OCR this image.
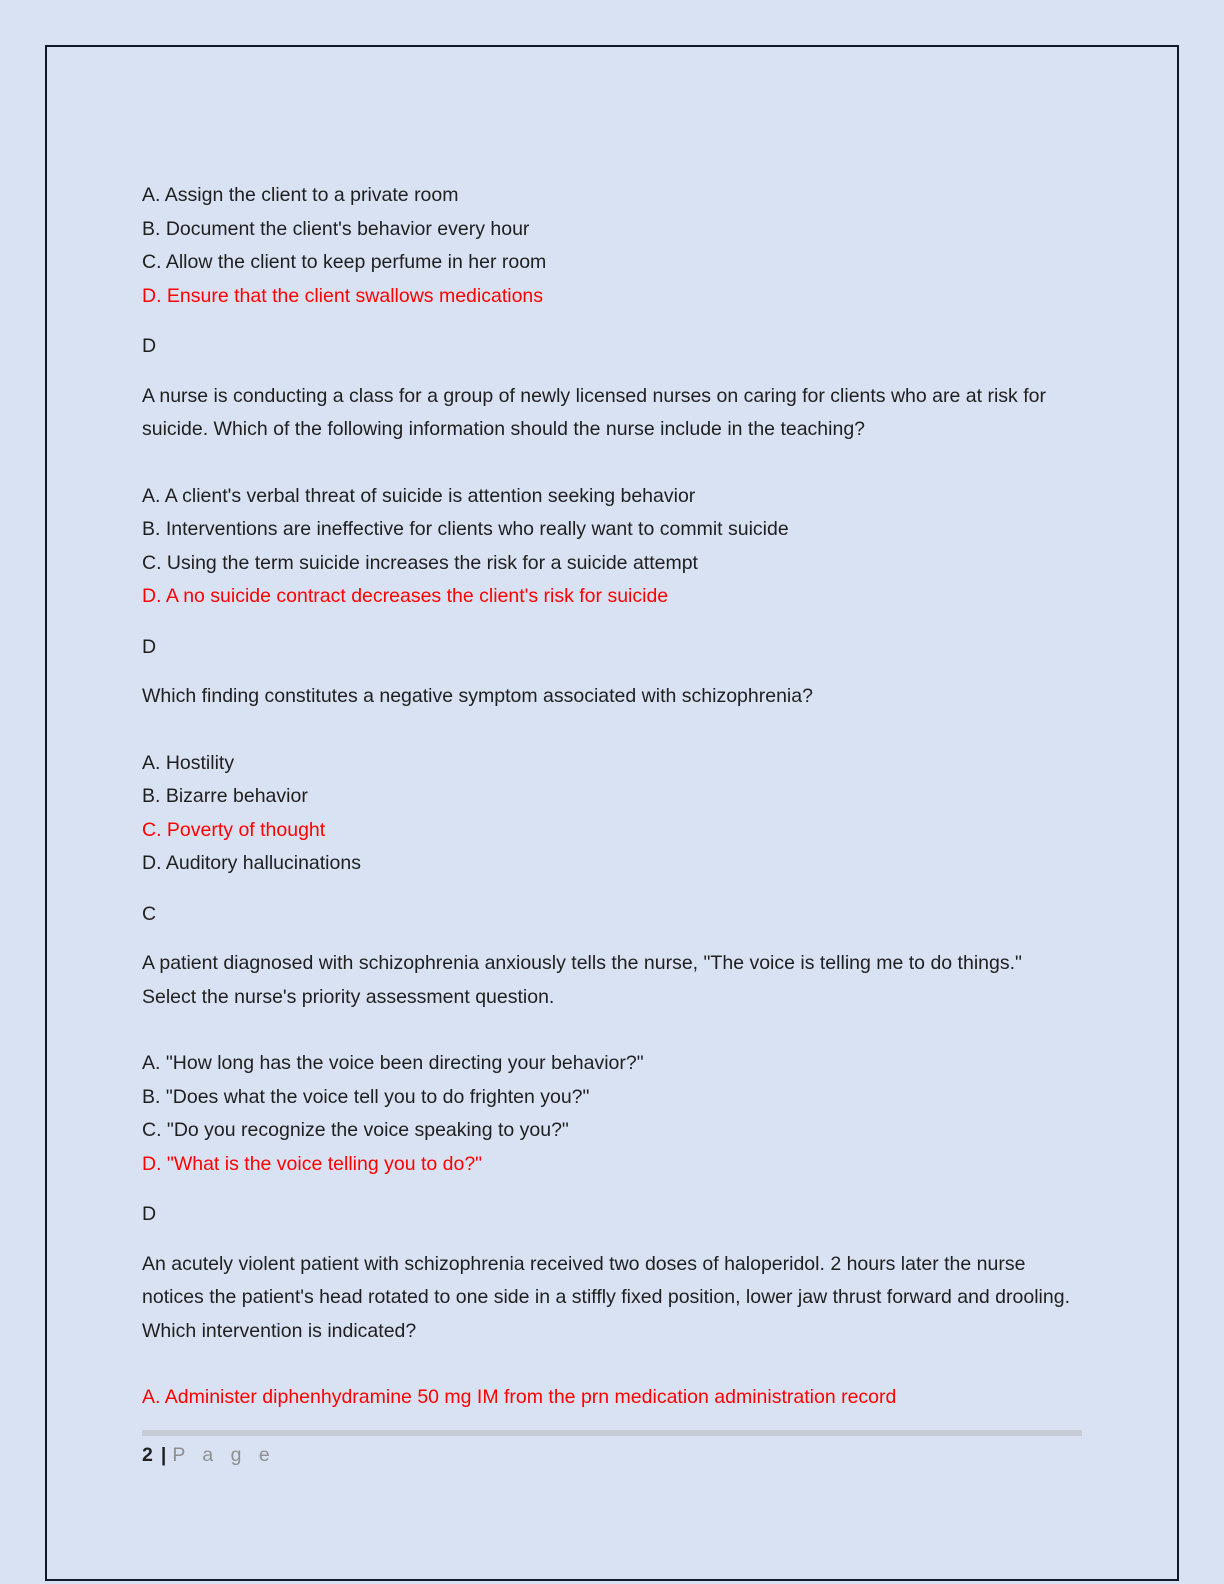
A. Assign the client to a private room
B. Document the client's behavior every hour
C. Allow the client to keep perfume in her room
D. Ensure that the client swallows medications

D

A nurse is conducting a class for a group of newly licensed nurses on caring for clients who are at risk for suicide. Which of the following information should the nurse include in the teaching?

A. A client's verbal threat of suicide is attention seeking behavior
B. Interventions are ineffective for clients who really want to commit suicide
C. Using the term suicide increases the risk for a suicide attempt
D. A no suicide contract decreases the client's risk for suicide

D

Which finding constitutes a negative symptom associated with schizophrenia?

A. Hostility
B. Bizarre behavior
C. Poverty of thought
D. Auditory hallucinations

C

A patient diagnosed with schizophrenia anxiously tells the nurse, "The voice is telling me to do things." Select the nurse's priority assessment question.

A. "How long has the voice been directing your behavior?"
B. "Does what the voice tell you to do frighten you?"
C. "Do you recognize the voice speaking to you?"
D. "What is the voice telling you to do?"

D

An acutely violent patient with schizophrenia received two doses of haloperidol. 2 hours later the nurse notices the patient's head rotated to one side in a stiffly fixed position, lower jaw thrust forward and drooling. Which intervention is indicated?

A. Administer diphenhydramine 50 mg IM from the prn medication administration record
2 | P a g e
